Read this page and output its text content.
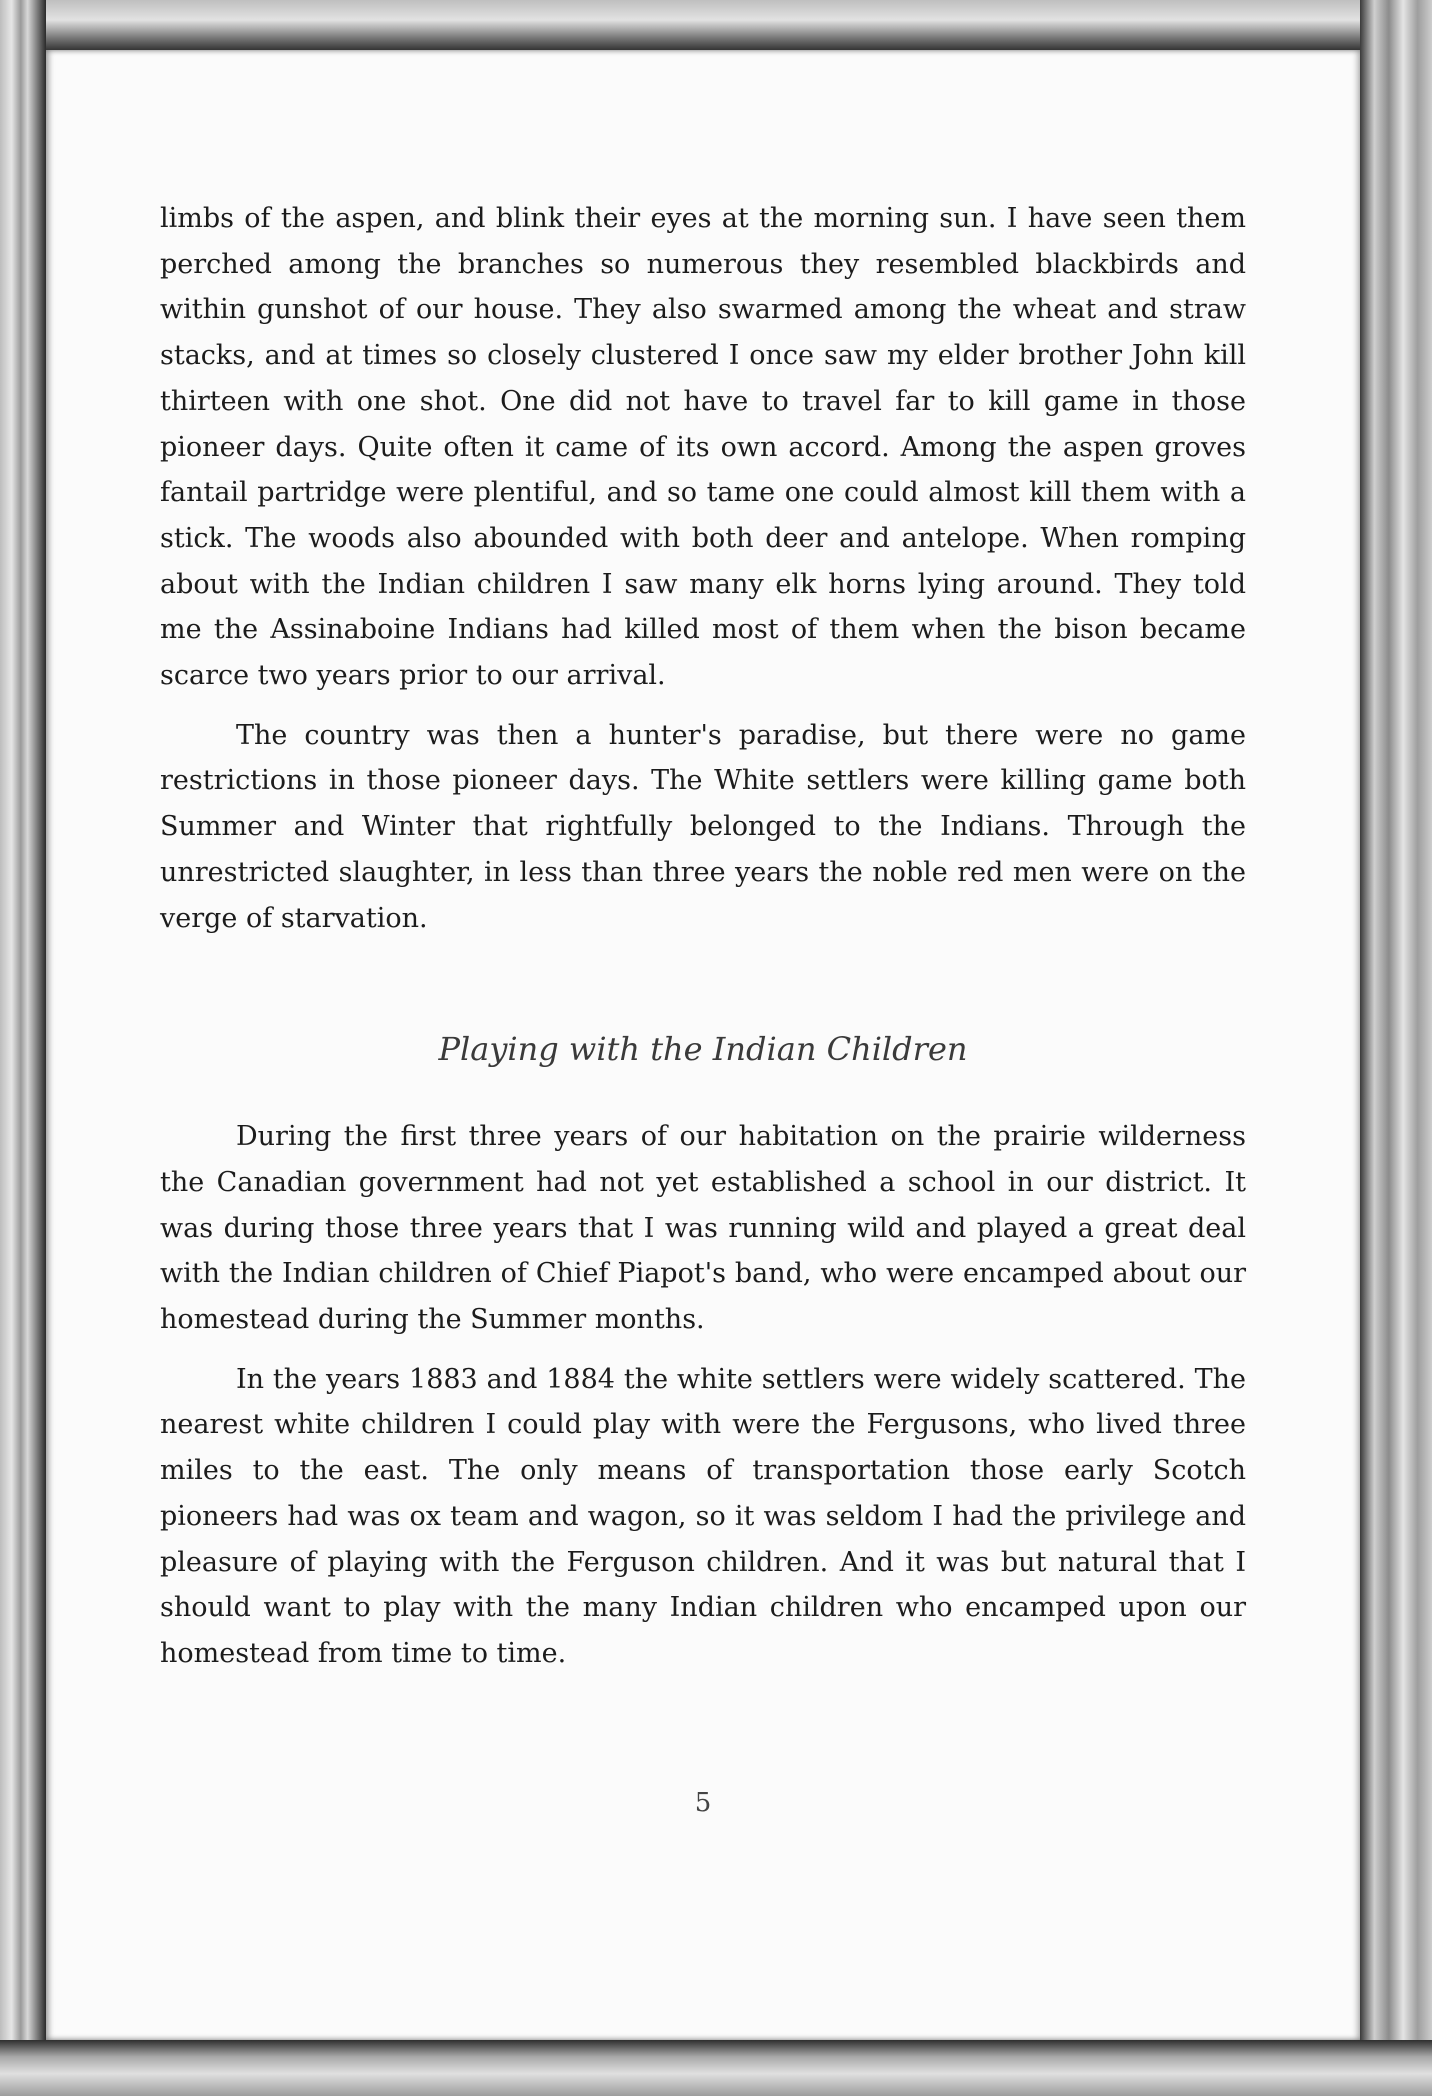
limbs of the aspen, and blink their eyes at the morning sun. I have seen them perched among the branches so numerous they resembled blackbirds and within gunshot of our house. They also swarmed among the wheat and straw stacks, and at times so closely clustered I once saw my elder brother John kill thirteen with one shot. One did not have to travel far to kill game in those pioneer days. Quite often it came of its own accord. Among the aspen groves fantail partridge were plentiful, and so tame one could almost kill them with a stick. The woods also abounded with both deer and antelope. When romping about with the Indian children I saw many elk horns lying around. They told me the Assinaboine Indians had killed most of them when the bison became scarce two years prior to our arrival.

The country was then a hunter's paradise, but there were no game restrictions in those pioneer days. The White settlers were killing game both Summer and Winter that rightfully belonged to the Indians. Through the unrestricted slaughter, in less than three years the noble red men were on the verge of starvation.

Playing with the Indian Children

During the first three years of our habitation on the prairie wilderness the Canadian government had not yet established a school in our district. It was during those three years that I was running wild and played a great deal with the Indian children of Chief Piapot's band, who were encamped about our homestead during the Summer months.

In the years 1883 and 1884 the white settlers were widely scattered. The nearest white children I could play with were the Fergusons, who lived three miles to the east. The only means of transportation those early Scotch pioneers had was ox team and wagon, so it was seldom I had the privilege and pleasure of playing with the Ferguson children. And it was but natural that I should want to play with the many Indian children who encamped upon our homestead from time to time.

5
